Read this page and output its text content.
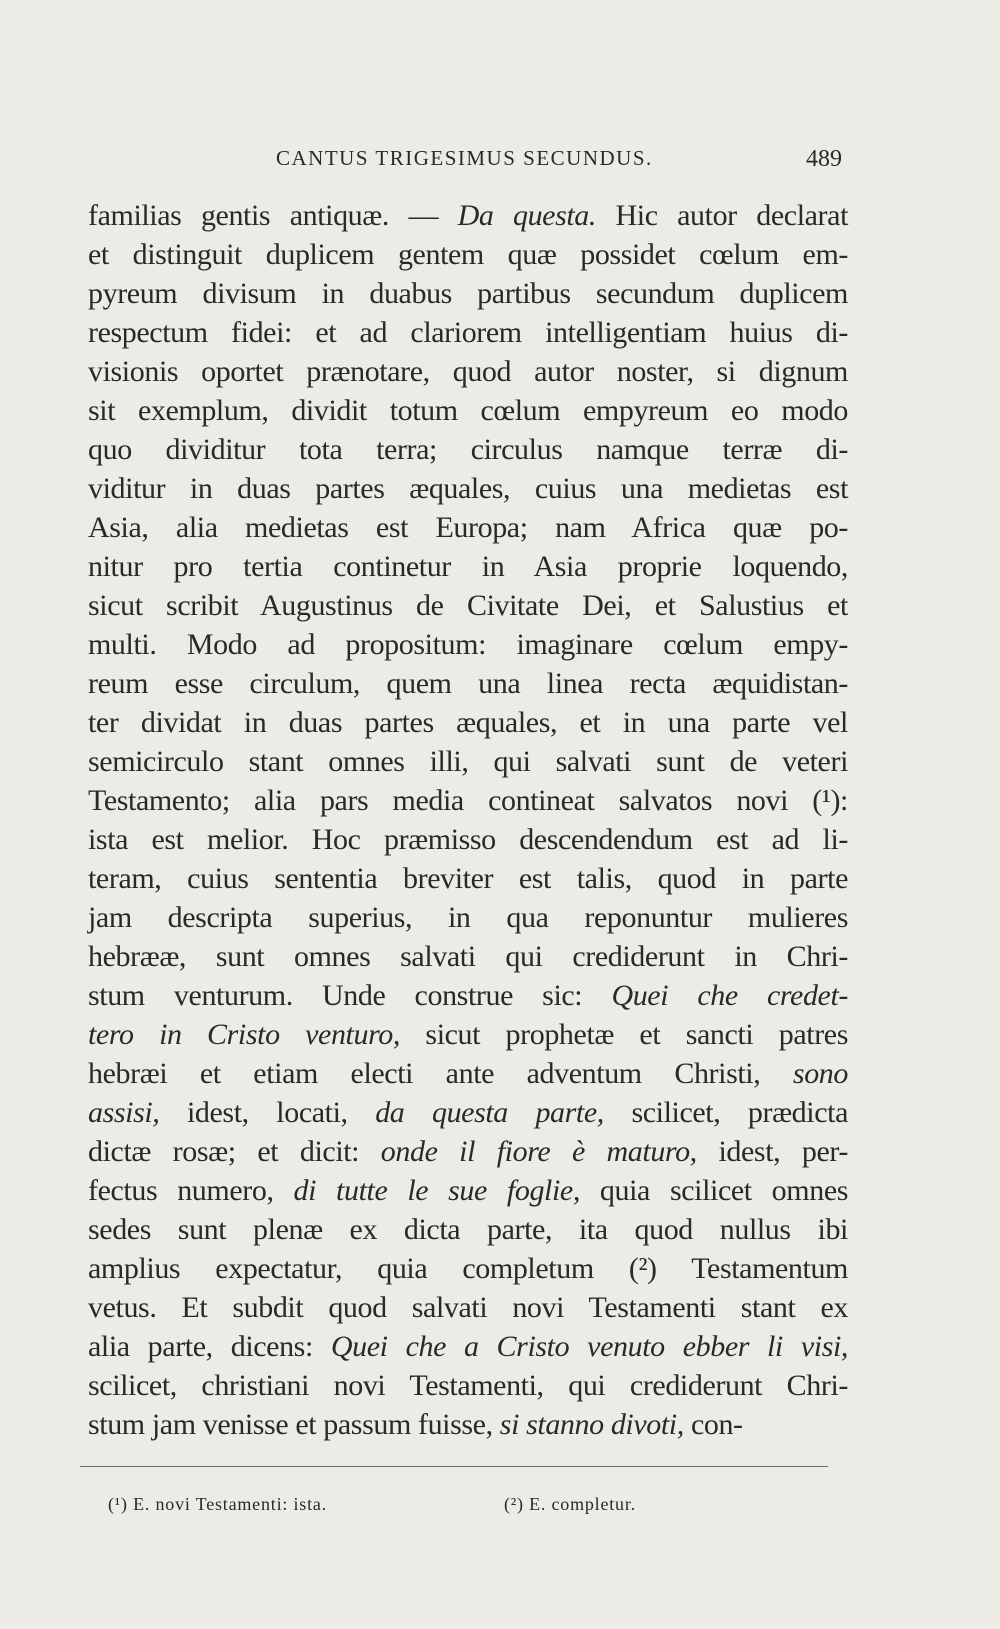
CANTUS TRIGESIMUS SECUNDUS.	489
familias gentis antiquæ. — Da questa. Hic autor declarat
et distinguit duplicem gentem quæ possidet cœlum em-
pyreum divisum in duabus partibus secundum duplicem
respectum fidei: et ad clariorem intelligentiam huius di-
visionis oportet prænotare, quod autor noster, si dignum
sit exemplum, dividit totum cœlum empyreum eo modo
quo dividitur tota terra; circulus namque terræ di-
viditur in duas partes æquales, cuius una medietas est
Asia, alia medietas est Europa; nam Africa quæ po-
nitur pro tertia continetur in Asia proprie loquendo,
sicut scribit Augustinus de Civitate Dei, et Salustius et
multi. Modo ad propositum: imaginare cœlum empy-
reum esse circulum, quem una linea recta æquidistan-
ter dividat in duas partes æquales, et in una parte vel
semicirculo stant omnes illi, qui salvati sunt de veteri
Testamento; alia pars media contineat salvatos novi (¹):
ista est melior. Hoc præmisso descendendum est ad li-
teram, cuius sententia breviter est talis, quod in parte
jam descripta superius, in qua reponuntur mulieres
hebrææ, sunt omnes salvati qui crediderunt in Chri-
stum venturum. Unde construe sic: Quei che credet-
tero in Cristo venturo, sicut prophetæ et sancti patres
hebræi et etiam electi ante adventum Christi, sono
assisi, idest, locati, da questa parte, scilicet, prædicta
dictæ rosæ; et dicit: onde il fiore è maturo, idest, per-
fectus numero, di tutte le sue foglie, quia scilicet omnes
sedes sunt plenæ ex dicta parte, ita quod nullus ibi
amplius expectatur, quia completum (²) Testamentum
vetus. Et subdit quod salvati novi Testamenti stant ex
alia parte, dicens: Quei che a Cristo venuto ebber li visi,
scilicet, christiani novi Testamenti, qui crediderunt Chri-
stum jam venisse et passum fuisse, si stanno divoti, con-
(¹) E. novi Testamenti: ista.	(²) E. completur.
